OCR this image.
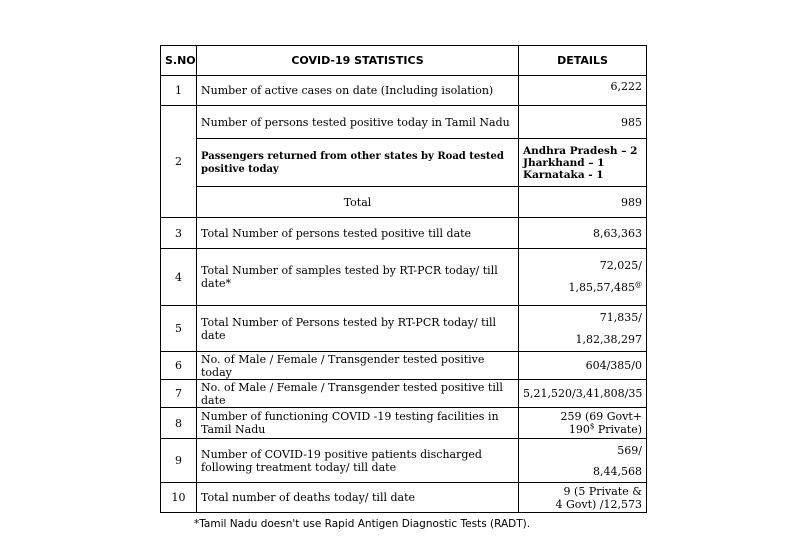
S.NO	COVID-19 STATISTICS	DETAILS
1	Number of active cases on date (Including isolation)	6,222
2	Number of persons tested positive today in Tamil Nadu	985
	Passengers returned from other states by Road tested positive today	Andhra Pradesh – 2
Jharkhand – 1
Karnataka - 1

	Total	989
3	Total Number of persons tested positive till date	8,63,363
4	Total Number of samples tested by RT-PCR today/ till date*	72,025/
1,85,57,485@

5	Total Number of Persons tested by RT-PCR today/ till date	71,835/
1,82,38,297

6	No. of Male / Female / Transgender tested positive today	604/385/0
7	No. of Male / Female / Transgender tested positive till date	5,21,520/3,41,808/35
8	Number of functioning COVID -19 testing facilities in Tamil Nadu	259 (69 Govt+
190$ Private)

9	Number of COVID-19 positive patients discharged following treatment today/ till date	569/
8,44,568

10	Total number of deaths today/ till date	9 (5 Private &
4 Govt) /12,573
*Tamil Nadu doesn't use Rapid Antigen Diagnostic Tests (RADT).
